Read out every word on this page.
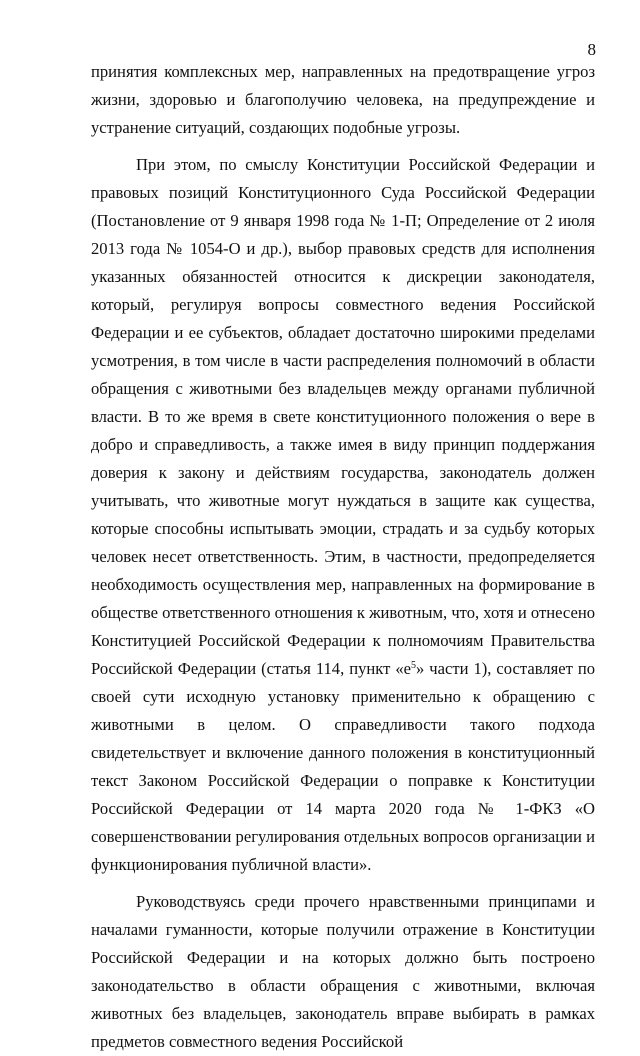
8

принятия комплексных мер, направленных на предотвращение угроз жизни, здоровью и благополучию человека, на предупреждение и устранение ситуаций, создающих подобные угрозы.

При этом, по смыслу Конституции Российской Федерации и правовых позиций Конституционного Суда Российской Федерации (Постановление от 9 января 1998 года № 1-П; Определение от 2 июля 2013 года № 1054-О и др.), выбор правовых средств для исполнения указанных обязанностей относится к дискреции законодателя, который, регулируя вопросы совместного ведения Российской Федерации и ее субъектов, обладает достаточно широкими пределами усмотрения, в том числе в части распределения полномочий в области обращения с животными без владельцев между органами публичной власти. В то же время в свете конституционного положения о вере в добро и справедливость, а также имея в виду принцип поддержания доверия к закону и действиям государства, законодатель должен учитывать, что животные могут нуждаться в защите как существа, которые способны испытывать эмоции, страдать и за судьбу которых человек несет ответственность. Этим, в частности, предопределяется необходимость осуществления мер, направленных на формирование в обществе ответственного отношения к животным, что, хотя и отнесено Конституцией Российской Федерации к полномочиям Правительства Российской Федерации (статья 114, пункт «$е^5$» части 1), составляет по своей сути исходную установку применительно к обращению с животными в целом. О справедливости такого подхода свидетельствует и включение данного положения в конституционный текст Законом Российской Федерации о поправке к Конституции Российской Федерации от 14 марта 2020 года № 1-ФКЗ «О совершенствовании регулирования отдельных вопросов организации и функционирования публичной власти».

Руководствуясь среди прочего нравственными принципами и началами гуманности, которые получили отражение в Конституции Российской Федерации и на которых должно быть построено законодательство в области обращения с животными, включая животных без владельцев, законодатель вправе выбирать в рамках предметов совместного ведения Российской
